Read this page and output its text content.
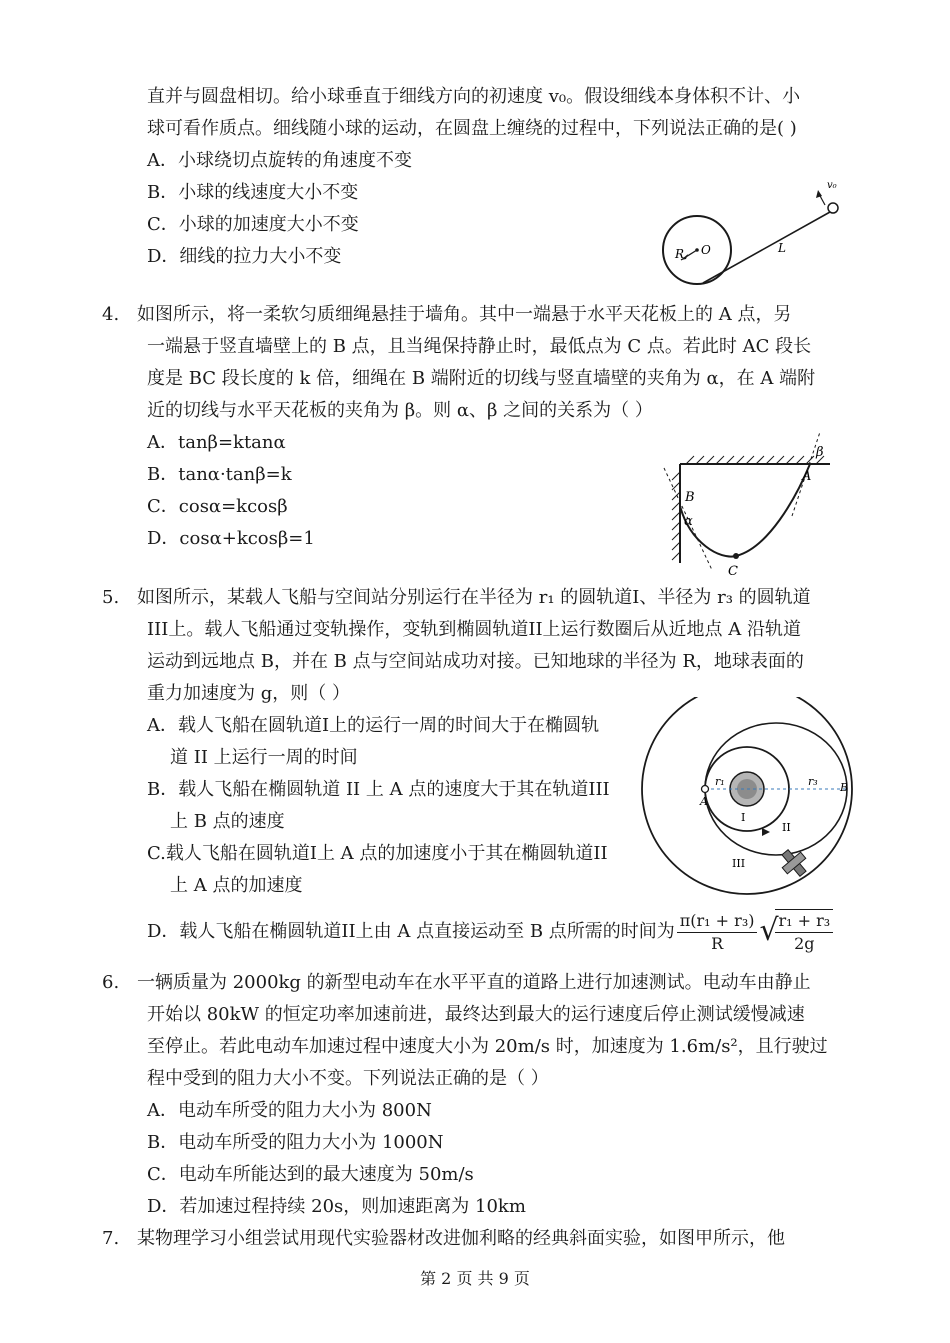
直并与圆盘相切。给小球垂直于细线方向的初速度 v₀。假设细线本身体积不计、小
球可看作质点。细线随小球的运动，在圆盘上缠绕的过程中，下列说法正确的是( )
A．小球绕切点旋转的角速度不变
B．小球的线速度大小不变
C．小球的加速度大小不变
D．细线的拉力大小不变	R O	L
v₀
4. 如图所示，将一柔软匀质细绳悬挂于墙角。其中一端悬于水平天花板上的 A 点，另
一端悬于竖直墙壁上的 B 点，且当绳保持静止时，最低点为 C 点。若此时 AC 段长
度是 BC 段长度的 k 倍，细绳在 B 端附近的切线与竖直墙壁的夹角为 α，在 A 端附
近的切线与水平天花板的夹角为 β。则 α、β 之间的关系为（ ）
A．tanβ=ktanα
B．tanα·tanβ=k
C．cosα=kcosβ
D．cosα+kcosβ=1
B
α
C
A
β
5. 如图所示，某载人飞船与空间站分别运行在半径为 r₁ 的圆轨道I、半径为 r₃ 的圆轨道
III上。载人飞船通过变轨操作，变轨到椭圆轨道II上运行数圈后从近地点 A 沿轨道
运动到远地点 B，并在 B 点与空间站成功对接。已知地球的半径为 R，地球表面的
重力加速度为 g，则（ ）
A．载人飞船在圆轨道I上的运行一周的时间大于在椭圆轨
道 II 上运行一周的时间
B．载人飞船在椭圆轨道 II 上 A 点的速度大于其在轨道III
上 B 点的速度
C.载人飞船在圆轨道I上 A 点的加速度小于其在椭圆轨道II
上 A 点的加速度
D．载人飞船在椭圆轨道II上由 A 点直接运动至 B 点所需的时间为 $\frac{\text{π(r₁ + r₃)}}{R}$ √
$\frac{\text{r₁ + r₃}}{2g}$
r₁	r₃
A
B
I
II
III
6. 一辆质量为 2000kg 的新型电动车在水平平直的道路上进行加速测试。电动车由静止
开始以 80kW 的恒定功率加速前进，最终达到最大的运行速度后停止测试缓慢减速
至停止。若此电动车加速过程中速度大小为 20m/s 时，加速度为 1.6m/s²，且行驶过
程中受到的阻力大小不变。下列说法正确的是（ ）
A．电动车所受的阻力大小为 800N
B．电动车所受的阻力大小为 1000N
C．电动车所能达到的最大速度为 50m/s
D．若加速过程持续 20s，则加速距离为 10km
7. 某物理学习小组尝试用现代实验器材改进伽利略的经典斜面实验，如图甲所示，他
第 2 页 共 9 页
